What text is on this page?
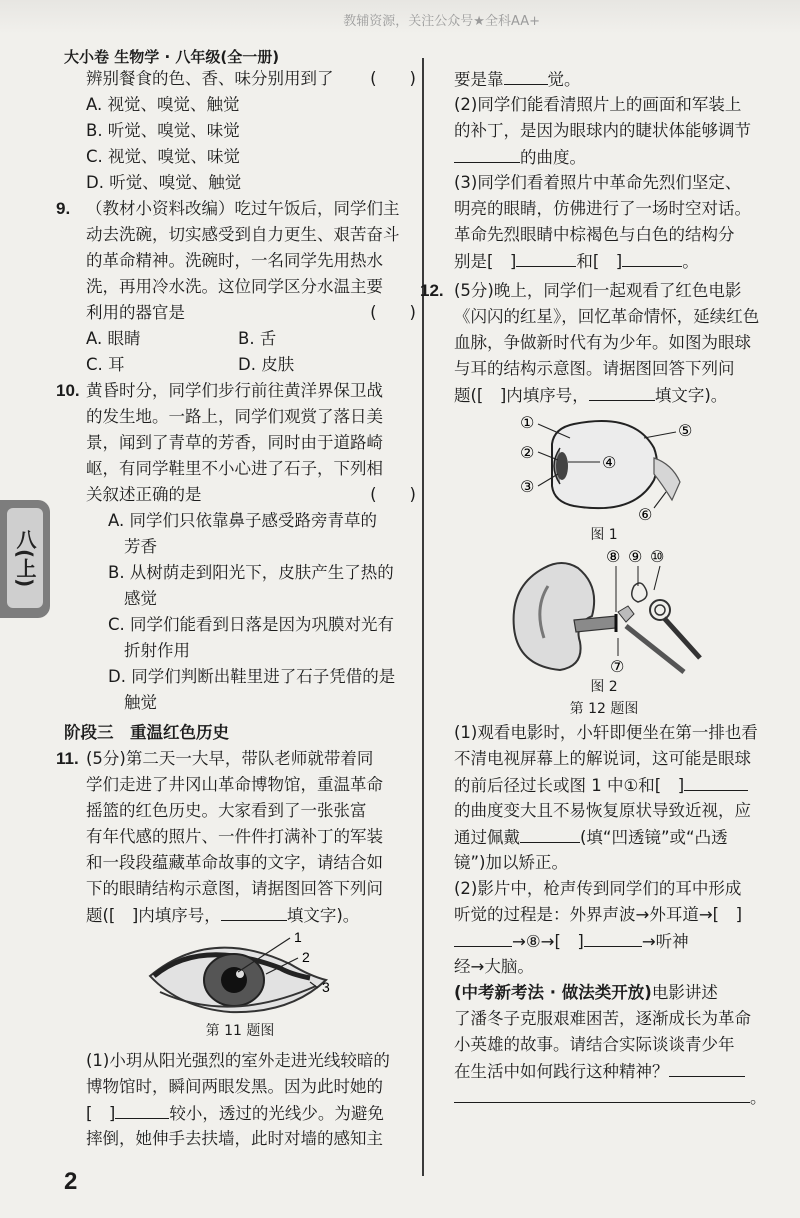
教辅资源，关注公众号★全科AA+
大小卷 生物学 · 八年级(全一册)
八(上)
辨别餐食的色、香、味分别用到了 (　　)
A. 视觉、嗅觉、触觉
B. 听觉、嗅觉、味觉
C. 视觉、嗅觉、味觉
D. 听觉、嗅觉、触觉
9. （教材小资料改编）吃过午饭后，同学们主
动去洗碗，切实感受到自力更生、艰苦奋斗
的革命精神。洗碗时，一名同学先用热水
洗，再用冷水洗。这位同学区分水温主要
利用的器官是	(　　)
A. 眼睛	B. 舌
C. 耳	D. 皮肤
10. 黄昏时分，同学们步行前往黄洋界保卫战
的发生地。一路上，同学们观赏了落日美
景，闻到了青草的芳香，同时由于道路崎
岖，有同学鞋里不小心进了石子，下列相
关叙述正确的是	(　　)
A. 同学们只依靠鼻子感受路旁青草的
芳香
B. 从树荫走到阳光下，皮肤产生了热的
感觉
C. 同学们能看到日落是因为巩膜对光有
折射作用
D. 同学们判断出鞋里进了石子凭借的是
触觉
阶段三　重温红色历史
11. (5分)第二天一大早，带队老师就带着同
学们走进了井冈山革命博物馆，重温革命
摇篮的红色历史。大家看到了一张张富
有年代感的照片、一件件打满补丁的军装
和一段段蕴藏革命故事的文字，请结合如
下的眼睛结构示意图，请据图回答下列问
题([　]内填序号，	填文字)。
1
2
3
第 11 题图
(1)小玥从阳光强烈的室外走进光线较暗的
博物馆时，瞬间两眼发黑。因为此时她的
[　]	较小，透过的光线少。为避免
摔倒，她伸手去扶墙，此时对墙的感知主
要是靠	觉。
(2)同学们能看清照片上的画面和军装上
的补丁，是因为眼球内的睫状体能够调节
的曲度。
(3)同学们看着照片中革命先烈们坚定、
明亮的眼睛，仿佛进行了一场时空对话。
革命先烈眼睛中棕褐色与白色的结构分
别是[　]	和[　]	。
12. (5分)晚上，同学们一起观看了红色电影
《闪闪的红星》，回忆革命情怀，延续红色
血脉，争做新时代有为少年。如图为眼球
与耳的结构示意图。请据图回答下列问
题([　]内填序号，	填文字)。
①
②
③
④
⑤
⑥
图 1
⑧ ⑨ ⑩
⑦
图 2
第 12 题图
(1)观看电影时，小轩即便坐在第一排也看
不清电视屏幕上的解说词，这可能是眼球
的前后径过长或图 1 中①和[　]
的曲度变大且不易恢复原状导致近视，应
通过佩戴	(填“凹透镜”或“凸透
镜”)加以矫正。
(2)影片中，枪声传到同学们的耳中形成
听觉的过程是：外界声波→外耳道→[　]
→⑧→[　]	→听神
经→大脑。
(中考新考法 · 做法类开放)电影讲述
了潘冬子克服艰难困苦，逐渐成长为革命
小英雄的故事。请结合实际谈谈青少年
在生活中如何践行这种精神？
。
2
